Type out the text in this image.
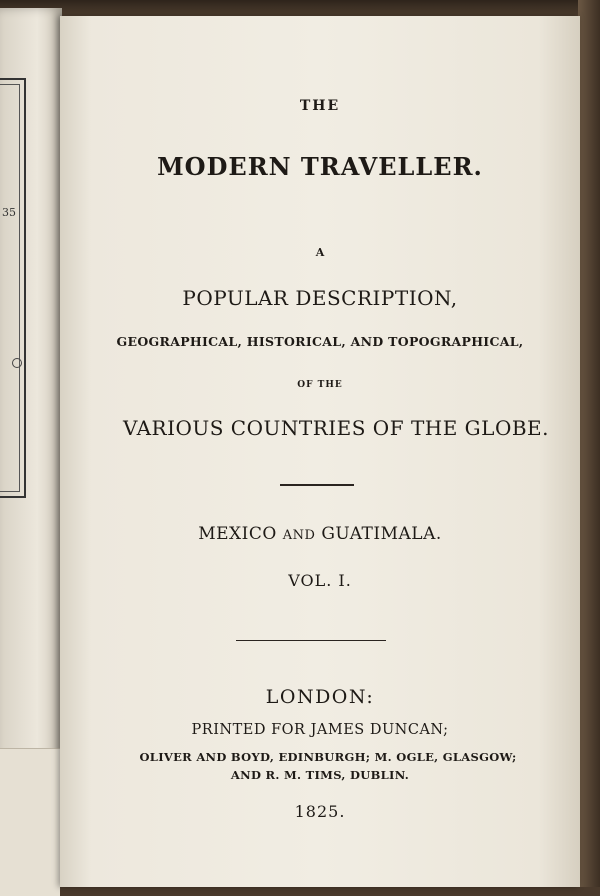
35
THE
MODERN TRAVELLER.
A
POPULAR DESCRIPTION,
GEOGRAPHICAL, HISTORICAL, AND TOPOGRAPHICAL,
OF THE
VARIOUS COUNTRIES OF THE GLOBE.
MEXICO AND GUATIMALA.
VOL. I.
LONDON:
PRINTED FOR JAMES DUNCAN;
OLIVER AND BOYD, EDINBURGH; M. OGLE, GLASGOW;
AND R. M. TIMS, DUBLIN.
1825.
